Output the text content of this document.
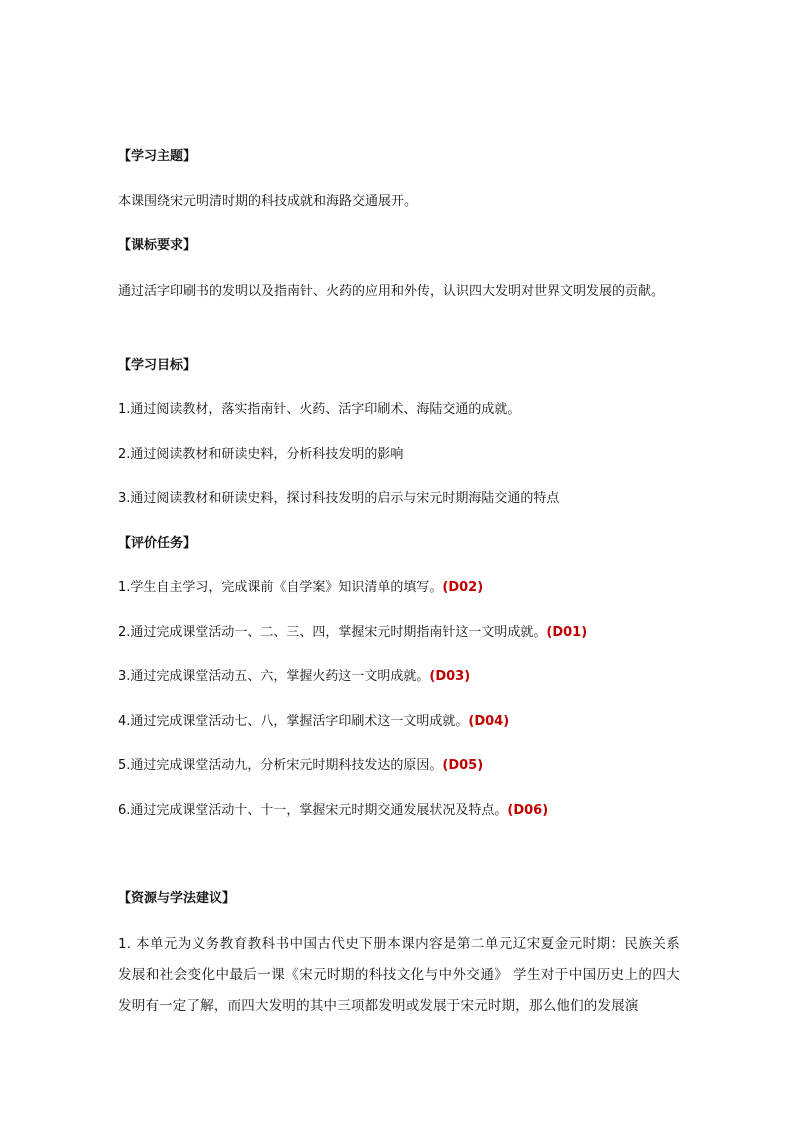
【学习主题】
本课围绕宋元明清时期的科技成就和海路交通展开。
【课标要求】
通过活字印刷书的发明以及指南针、火药的应用和外传，认识四大发明对世界文明发展的贡献。
【学习目标】
1.通过阅读教材，落实指南针、火药、活字印刷术、海陆交通的成就。
2.通过阅读教材和研读史料，分析科技发明的影响
3.通过阅读教材和研读史料，探讨科技发明的启示与宋元时期海陆交通的特点
【评价任务】
1.学生自主学习，完成课前《自学案》知识清单的填写。(D02)
2.通过完成课堂活动一、二、三、四，掌握宋元时期指南针这一文明成就。(D01)
3.通过完成课堂活动五、六，掌握火药这一文明成就。(D03)
4.通过完成课堂活动七、八，掌握活字印刷术这一文明成就。(D04)
5.通过完成课堂活动九，分析宋元时期科技发达的原因。(D05)
6.通过完成课堂活动十、十一，掌握宋元时期交通发展状况及特点。(D06)
【资源与学法建议】
1. 本单元为义务教育教科书中国古代史下册本课内容是第二单元辽宋夏金元时期：民族关系发展和社会变化中最后一课《宋元时期的科技文化与中外交通》 学生对于中国历史上的四大发明有一定了解，而四大发明的其中三项都发明或发展于宋元时期，那么他们的发展演
